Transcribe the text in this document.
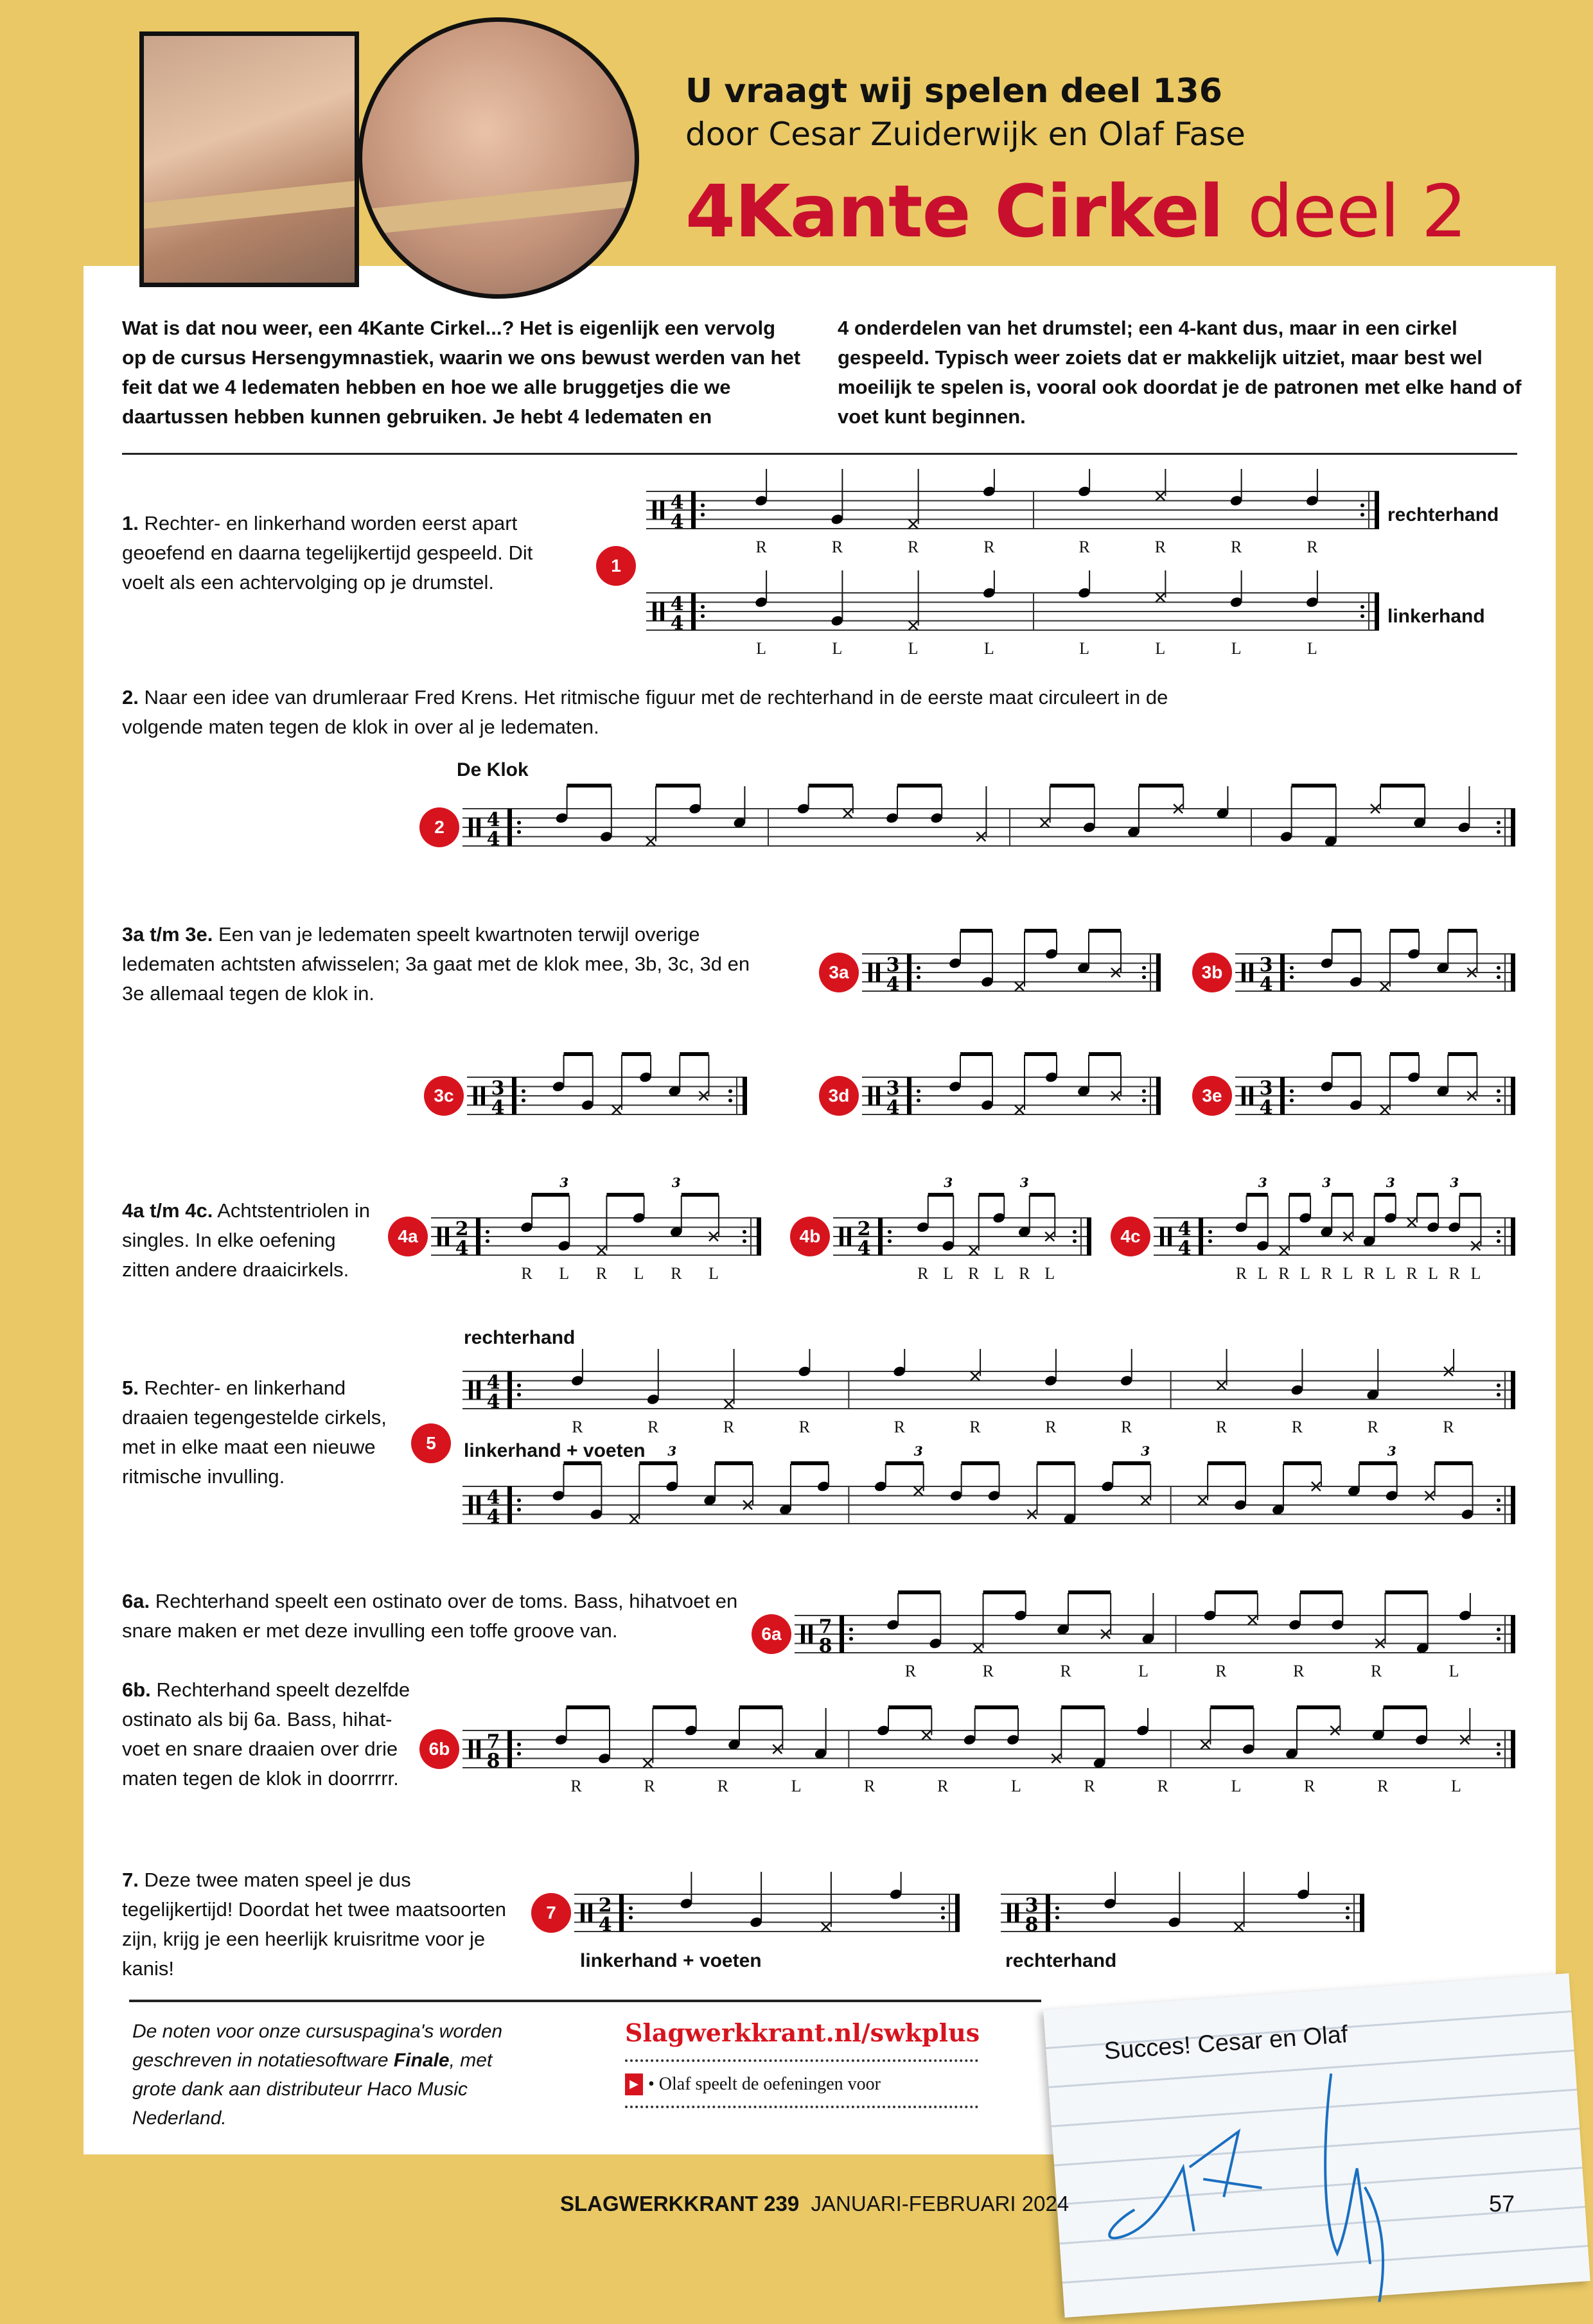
U vraagt wij spelen deel 136
door Cesar Zuiderwijk en Olaf Fase
4Kante Cirkel deel 2
Wat is dat nou weer, een 4Kante Cirkel...? Het is eigenlijk een vervolg op de cursus Hersengymnastiek, waarin we ons bewust werden van het feit dat we 4 ledematen hebben en hoe we alle bruggetjes die we daartussen hebben kunnen gebruiken. Je hebt 4 ledematen en
4 onderdelen van het drumstel; een 4-kant dus, maar in een cirkel gespeeld. Typisch weer zoiets dat er makkelijk uitziet, maar best wel moeilijk te spelen is, vooral ook doordat je de patronen met elke hand of voet kunt beginnen.
1. Rechter- en linkerhand worden eerst apart geoefend en daarna tegelijkertijd gespeeld. Dit voelt als een achtervolging op je drumstel.
2. Naar een idee van drumleraar Fred Krens. Het ritmische figuur met de rechterhand in de eerste maat circuleert in de volgende maten tegen de klok in over al je ledematen.
3a t/m 3e. Een van je ledematen speelt kwartnoten terwijl overige ledematen achtsten afwisselen; 3a gaat met de klok mee, 3b, 3c, 3d en 3e allemaal tegen de klok in.
4a t/m 4c. Achtstentriolen in singles. In elke oefening zitten andere draaicirkels.
5. Rechter- en linkerhand draaien tegengestelde cirkels, met in elke maat een nieuwe ritmische invulling.
6a. Rechterhand speelt een ostinato over de toms. Bass, hihatvoet en snare maken er met deze invulling een toffe groove van.
6b. Rechterhand speelt dezelfde ostinato als bij 6a. Bass, hihat-voet en snare draaien over drie maten tegen de klok in doorrrrr.
7. Deze twee maten speel je dus tegelijkertijd! Doordat het twee maatsoorten zijn, krijg je een heerlijk kruisritme voor je kanis!
rechterhand
linkerhand
De Klok
rechterhand
linkerhand + voeten
linkerhand + voeten	rechterhand
4
4
R	R	R	R	R	R	R	R
4
4
L	L	L	L	L	L	L	L
4
4
3
4
3
4
3
4
3
4
3
4
2
4
3	3
R L R L R L
2
4
3	3
R L R L R L
4
4
3	3	3	3
R L R L R L R L R L R L
4
4
R	R	R	R	R	R	R	R	R	R	R	R
4
4
3	3	3	3
7
8
R	R	R	L	R	R	R	L
7
8
R	R	R	L	R	R	L	R	R	L	R	R	L
2
4
3
8
De noten voor onze cursuspagina's worden geschreven in notatiesoftware Finale, met grote dank aan distributeur Haco Music Nederland.
Slagwerkkrant.nl/swkplus
▶ • Olaf speelt de oefeningen voor
Succes! Cesar en Olaf
SLAGWERKKRANT 239 JANUARI-FEBRUARI 2024	57
1
2
3a	3b
3c	3d	3e
4a	4b	4c
5
6a
6b
7
